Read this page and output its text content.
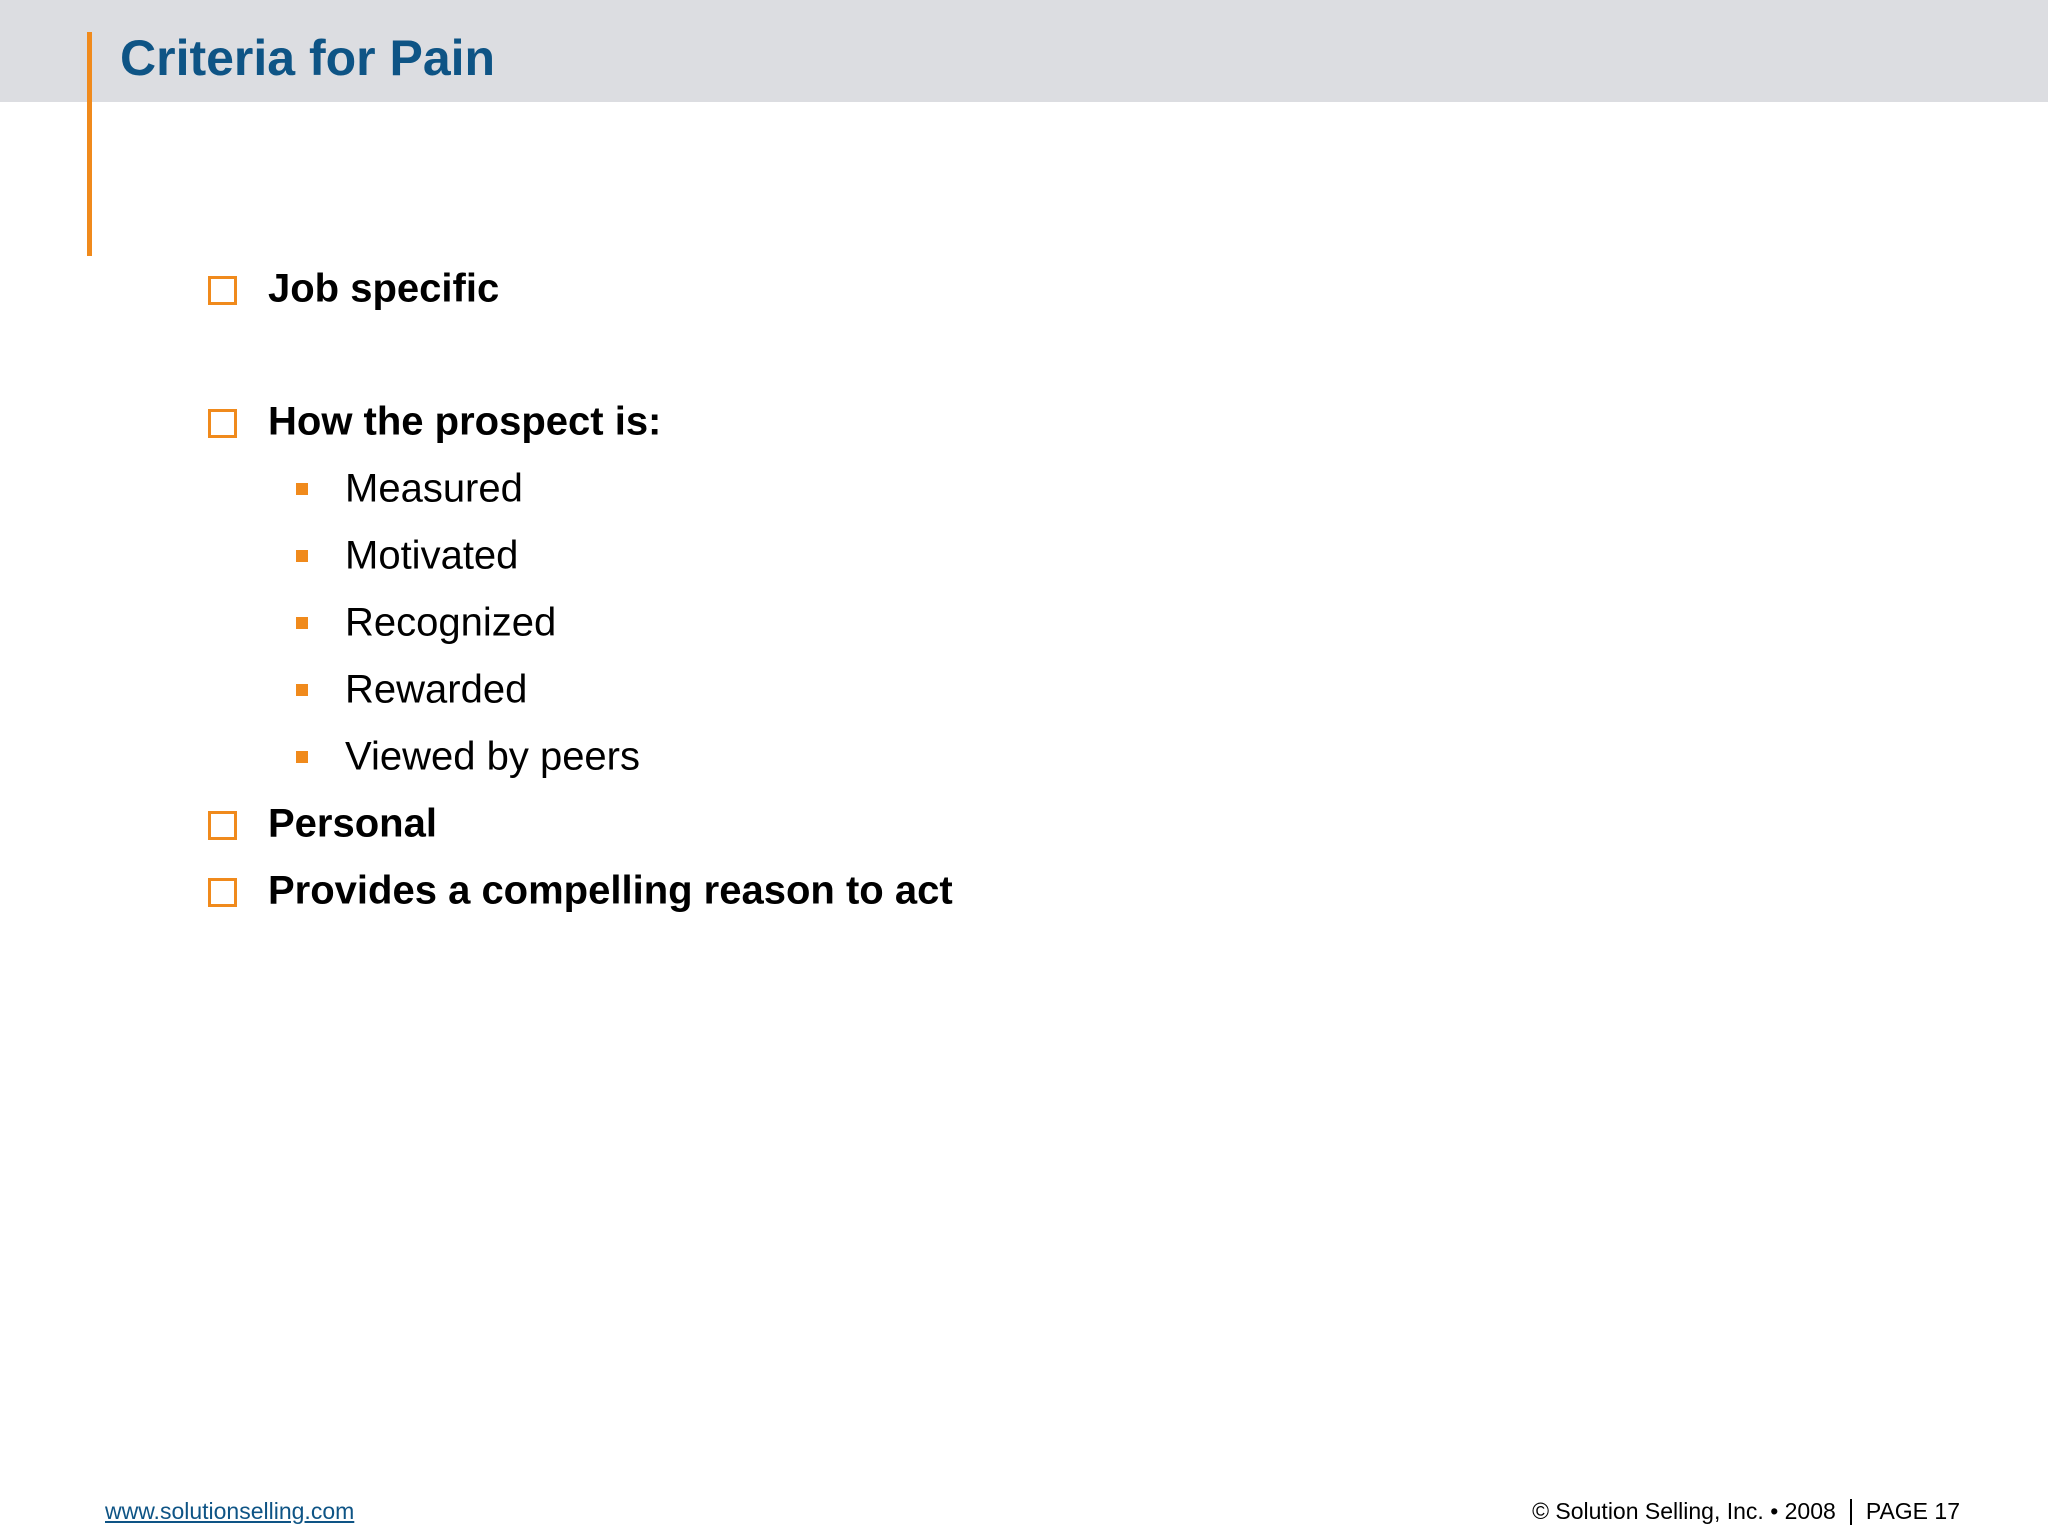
Criteria for Pain
Job specific
How the prospect is:
Measured
Motivated
Recognized
Rewarded
Viewed by peers
Personal
Provides a compelling reason to act
www.solutionselling.com	© Solution Selling, Inc. • 2008 PAGE 17
